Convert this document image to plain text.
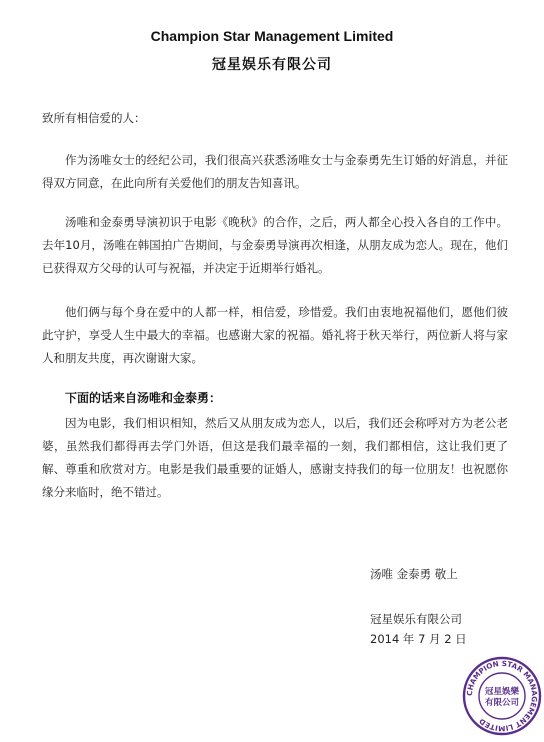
Champion Star Management Limited
冠星娱乐有限公司
致所有相信爱的人：
作为汤唯女士的经纪公司，我们很高兴获悉汤唯女士与金泰勇先生订婚的好消息，并征得双方同意，在此向所有关爱他们的朋友告知喜讯。
汤唯和金泰勇导演初识于电影《晚秋》的合作，之后，两人都全心投入各自的工作中。去年10月，汤唯在韩国拍广告期间，与金泰勇导演再次相逢，从朋友成为恋人。现在，他们已获得双方父母的认可与祝福，并决定于近期举行婚礼。
他们俩与每个身在爱中的人都一样，相信爱，珍惜爱。我们由衷地祝福他们，愿他们彼此守护，享受人生中最大的幸福。也感谢大家的祝福。婚礼将于秋天举行，两位新人将与家人和朋友共度，再次谢谢大家。
下面的话来自汤唯和金泰勇：
因为电影，我们相识相知，然后又从朋友成为恋人，以后，我们还会称呼对方为老公老婆，虽然我们都得再去学门外语，但这是我们最幸福的一刻，我们都相信，这让我们更了解、尊重和欣赏对方。电影是我们最重要的证婚人，感谢支持我们的每一位朋友！也祝愿你缘分来临时，绝不错过。
汤唯 金泰勇 敬上
冠星娱乐有限公司
2014 年 7 月 2 日
CHAMPION STAR MANAGEMENT LIMITED
冠星娛樂
有限公司
